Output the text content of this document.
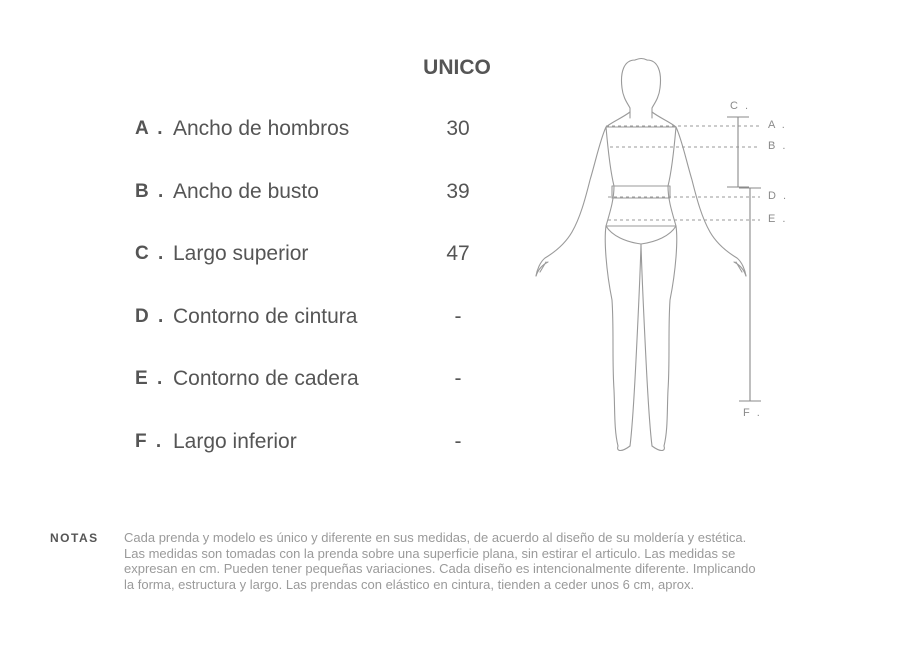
UNICO
A . Ancho de hombros	30
B . Ancho de busto	39
C . Largo superior	47
D . Contorno de cintura	-
E . Contorno de cadera	-
F . Largo inferior	-
C .
A .
B .
D .
E .
F .
NOTAS Cada prenda y modelo es único y diferente en sus medidas, de acuerdo al diseño de su moldería y estética.
Las medidas son tomadas con la prenda sobre una superficie plana, sin estirar el articulo. Las medidas se
expresan en cm. Pueden tener pequeñas variaciones. Cada diseño es intencionalmente diferente. Implicando
la forma, estructura y largo. Las prendas con elástico en cintura, tienden a ceder unos 6 cm, aprox.
